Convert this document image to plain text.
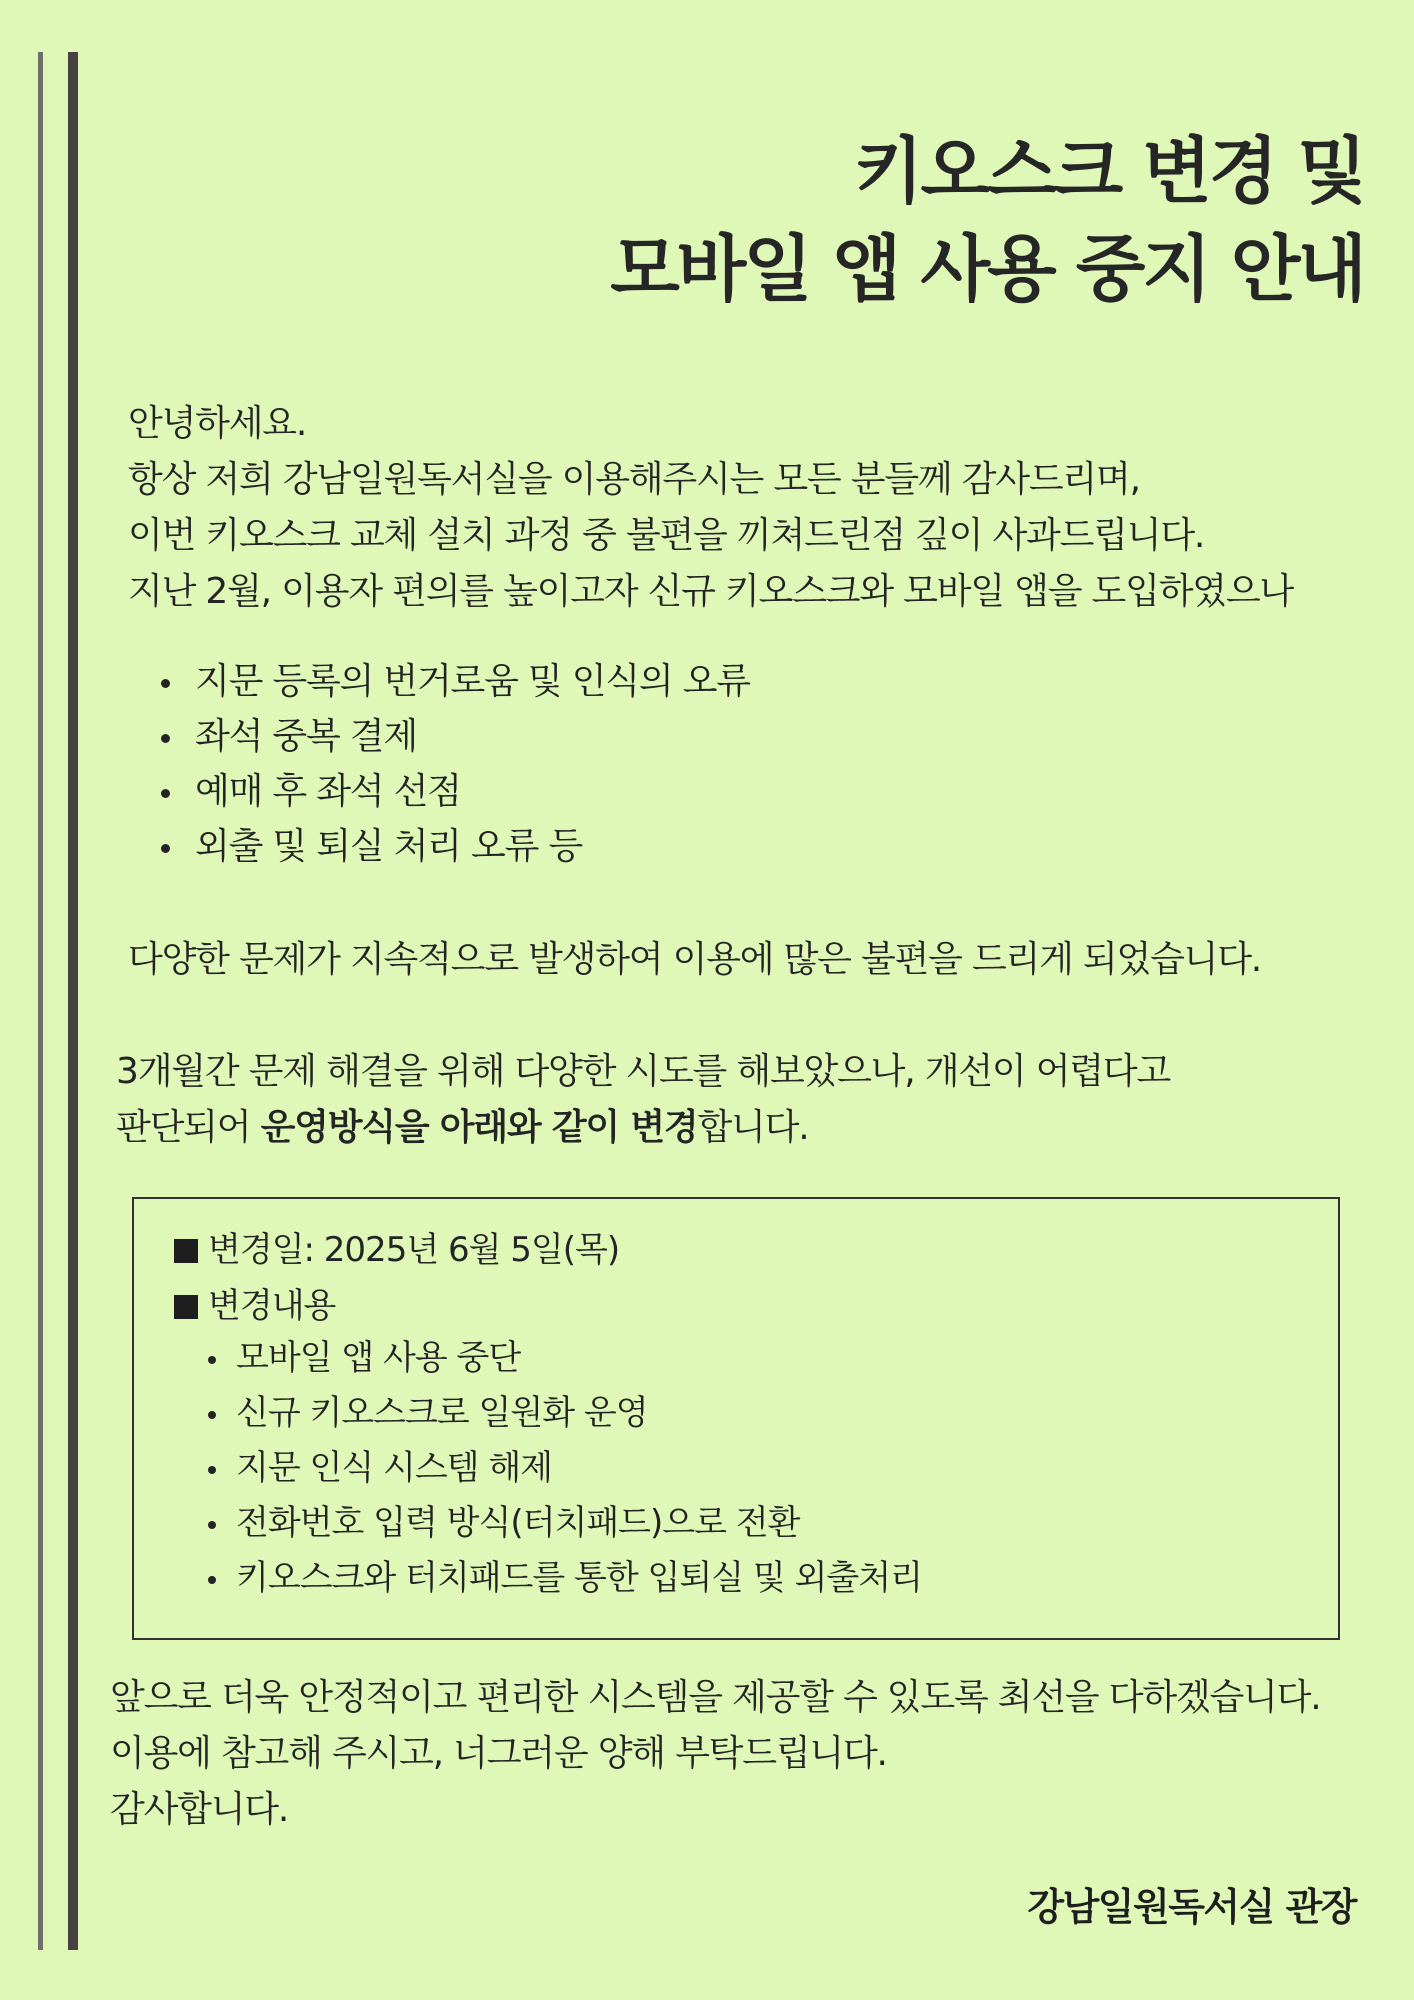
키오스크 변경 및
모바일 앱 사용 중지 안내
안녕하세요.
항상 저희 강남일원독서실을 이용해주시는 모든 분들께 감사드리며,
이번 키오스크 교체 설치 과정 중 불편을 끼쳐드린점 깊이 사과드립니다.
지난 2월, 이용자 편의를 높이고자 신규 키오스크와 모바일 앱을 도입하였으나
지문 등록의 번거로움 및 인식의 오류
좌석 중복 결제
예매 후 좌석 선점
외출 및 퇴실 처리 오류 등

다양한 문제가 지속적으로 발생하여 이용에 많은 불편을 드리게 되었습니다.

3개월간 문제 해결을 위해 다양한 시도를 해보았으나, 개선이 어렵다고
판단되어 운영방식을 아래와 같이 변경합니다.

변경일: 2025년 6월 5일(목)

변경내용

모바일 앱 사용 중단
신규 키오스크로 일원화 운영
지문 인식 시스템 해제
전화번호 입력 방식(터치패드)으로 전환
키오스크와 터치패드를 통한 입퇴실 및 외출처리
앞으로 더욱 안정적이고 편리한 시스템을 제공할 수 있도록 최선을 다하겠습니다.
이용에 참고해 주시고, 너그러운 양해 부탁드립니다.
감사합니다.

강남일원독서실 관장
